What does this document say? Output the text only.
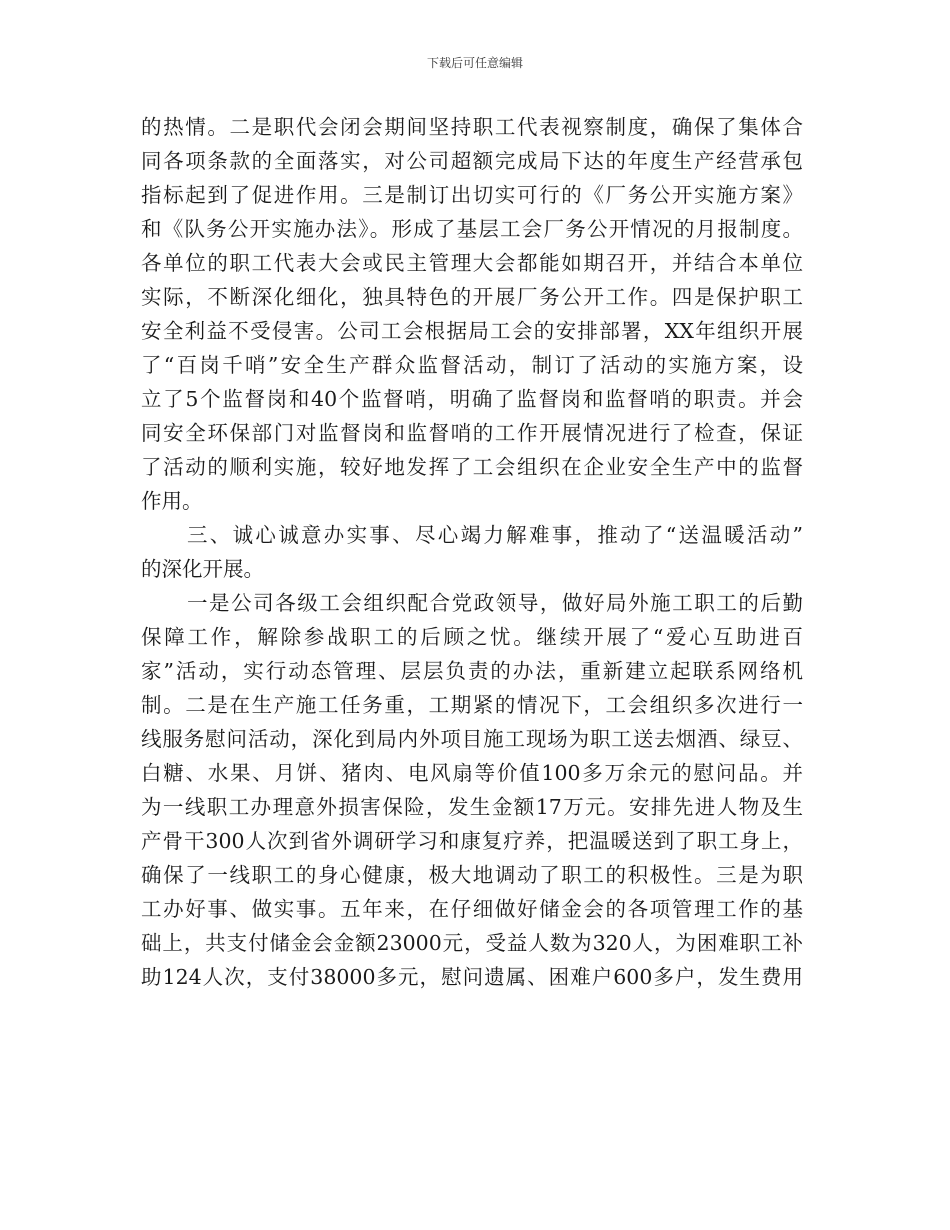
下载后可任意编辑
的热情。二是职代会闭会期间坚持职工代表视察制度，确保了集体合
同各项条款的全面落实，对公司超额完成局下达的年度生产经营承包
指标起到了促进作用。三是制订出切实可行的《厂务公开实施方案》
和《队务公开实施办法》。形成了基层工会厂务公开情况的月报制度。
各单位的职工代表大会或民主管理大会都能如期召开，并结合本单位
实际，不断深化细化，独具特色的开展厂务公开工作。四是保护职工
安全利益不受侵害。公司工会根据局工会的安排部署，XX年组织开展
了“百岗千哨”安全生产群众监督活动，制订了活动的实施方案，设
立了5个监督岗和40个监督哨，明确了监督岗和监督哨的职责。并会
同安全环保部门对监督岗和监督哨的工作开展情况进行了检查，保证
了活动的顺利实施，较好地发挥了工会组织在企业安全生产中的监督
作用。
三、诚心诚意办实事、尽心竭力解难事，推动了“送温暖活动”
的深化开展。
一是公司各级工会组织配合党政领导，做好局外施工职工的后勤
保障工作，解除参战职工的后顾之忧。继续开展了“爱心互助进百
家”活动，实行动态管理、层层负责的办法，重新建立起联系网络机
制。二是在生产施工任务重，工期紧的情况下，工会组织多次进行一
线服务慰问活动，深化到局内外项目施工现场为职工送去烟酒、绿豆、
白糖、水果、月饼、猪肉、电风扇等价值100多万余元的慰问品。并
为一线职工办理意外损害保险，发生金额17万元。安排先进人物及生
产骨干300人次到省外调研学习和康复疗养，把温暖送到了职工身上，
确保了一线职工的身心健康，极大地调动了职工的积极性。三是为职
工办好事、做实事。五年来，在仔细做好储金会的各项管理工作的基
础上，共支付储金会金额23000元，受益人数为320人，为困难职工补
助124人次，支付38000多元，慰问遗属、困难户600多户，发生费用
